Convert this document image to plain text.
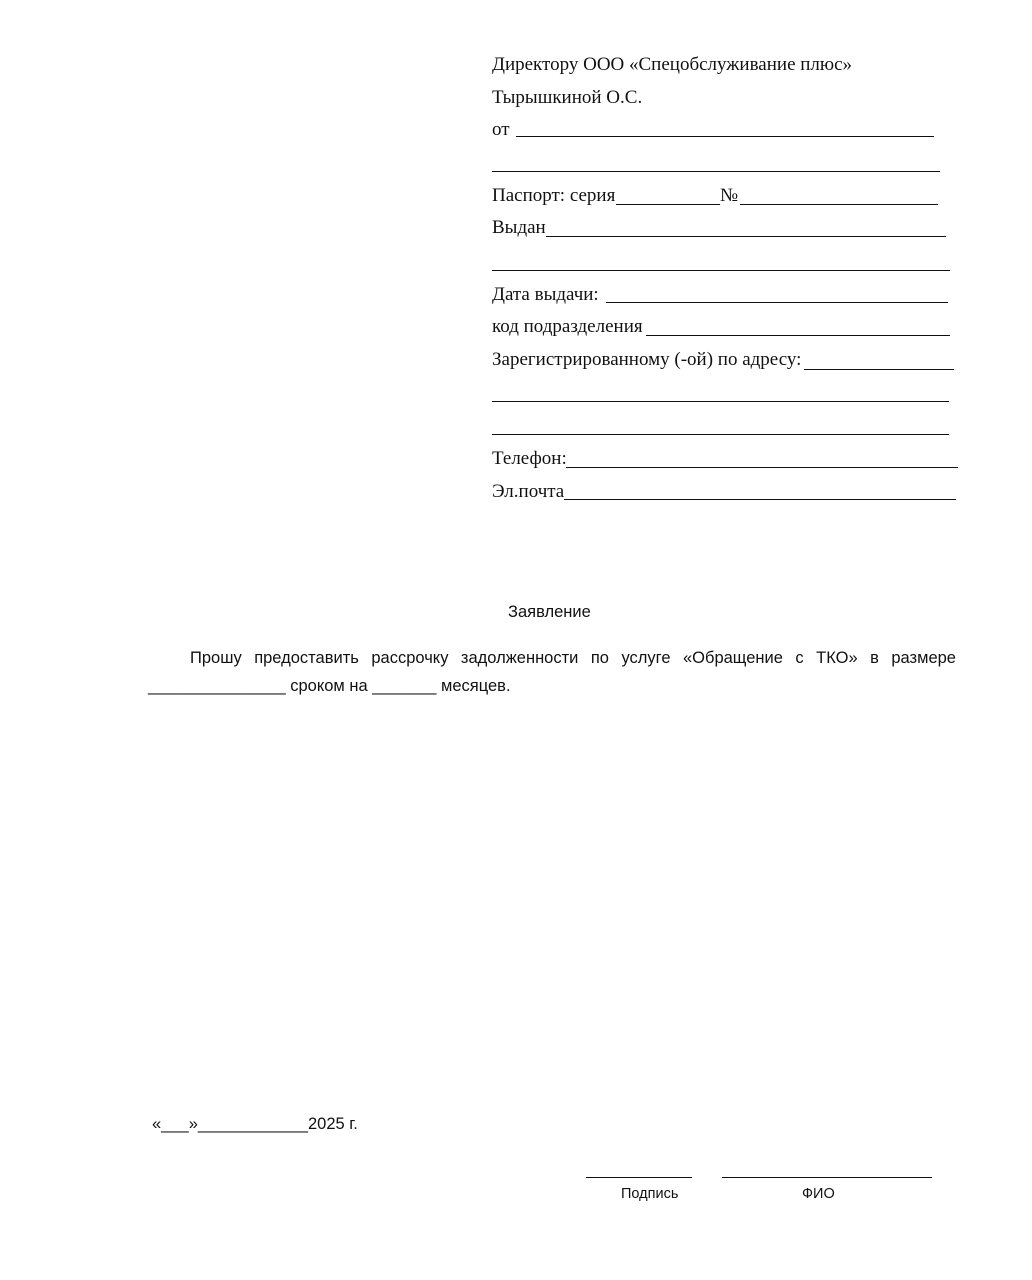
Директору ООО «Спецобслуживание плюс»
Тырышкиной О.С.
от
Паспорт: серия	№
Выдан
Дата выдачи:
код подразделения
Зарегистрированному (-ой) по адресу:
Телефон:
Эл.почта
Заявление
Прошу предоставить рассрочку задолженности по услуге «Обращение с ТКО» в размере
_______________ сроком на _______ месяцев.
«___»____________2025 г.
Подпись	ФИО
